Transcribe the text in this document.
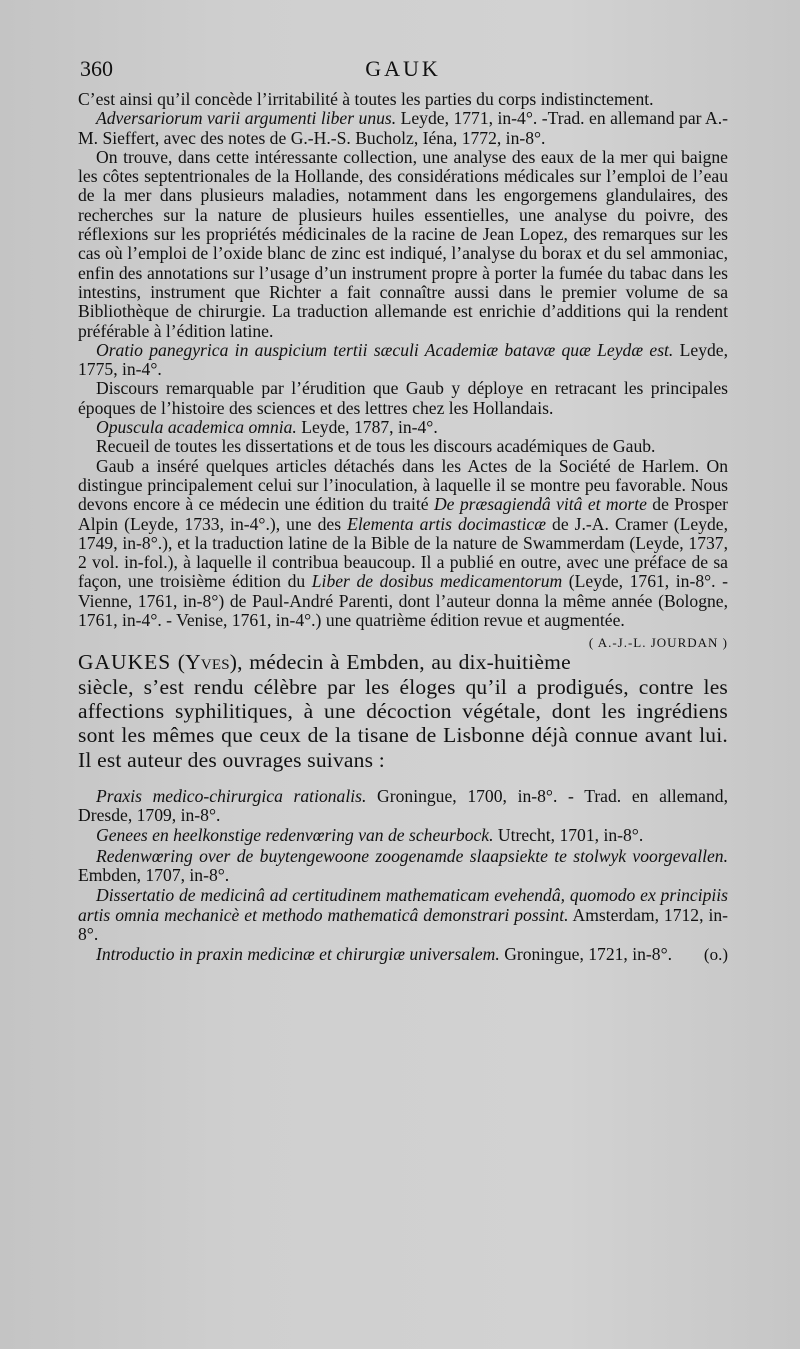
360	GAUK

C’est ainsi qu’il concède l’irritabilité à toutes les parties du corps indistinctement.

Adversariorum varii argumenti liber unus. Leyde, 1771, in-4°. -Trad. en allemand par A.-M. Sieffert, avec des notes de G.-H.-S. Bucholz, Iéna, 1772, in-8°.

On trouve, dans cette intéressante collection, une analyse des eaux de la mer qui baigne les côtes septentrionales de la Hollande, des considérations médicales sur l’emploi de l’eau de la mer dans plusieurs maladies, notamment dans les engorgemens glandulaires, des recherches sur la nature de plusieurs huiles essentielles, une analyse du poivre, des réflexions sur les propriétés médicinales de la racine de Jean Lopez, des remarques sur les cas où l’emploi de l’oxide blanc de zinc est indiqué, l’analyse du borax et du sel ammoniac, enfin des annotations sur l’usage d’un instrument propre à porter la fumée du tabac dans les intestins, instrument que Richter a fait connaître aussi dans le premier volume de sa Bibliothèque de chirurgie. La traduction allemande est enrichie d’additions qui la rendent préférable à l’édition latine.

Oratio panegyrica in auspicium tertii sæculi Academiæ batavæ quæ Leydæ est. Leyde, 1775, in-4°.

Discours remarquable par l’érudition que Gaub y déploye en retracant les principales époques de l’histoire des sciences et des lettres chez les Hollandais.

Opuscula academica omnia. Leyde, 1787, in-4°.

Recueil de toutes les dissertations et de tous les discours académiques de Gaub.

Gaub a inséré quelques articles détachés dans les Actes de la Société de Harlem. On distingue principalement celui sur l’inoculation, à laquelle il se montre peu favorable. Nous devons encore à ce médecin une édition du traité De præsagiendâ vitâ et morte de Prosper Alpin (Leyde, 1733, in-4°.), une des Elementa artis docimasticæ de J.-A. Cramer (Leyde, 1749, in-8°.), et la traduction latine de la Bible de la nature de Swammerdam (Leyde, 1737, 2 vol. in-fol.), à laquelle il contribua beaucoup. Il a publié en outre, avec une préface de sa façon, une troisième édition du Liber de dosibus medicamentorum (Leyde, 1761, in-8°. - Vienne, 1761, in-8°) de Paul-André Parenti, dont l’auteur donna la même année (Bologne, 1761, in-4°. - Venise, 1761, in-4°.) une quatrième édition revue et augmentée.
( A.-J.-L. JOURDAN )

GAUKES (Yves), médecin à Embden, au dix-huitième siècle, s’est rendu célèbre par les éloges qu’il a prodigués, contre les affections syphilitiques, à une décoction végétale, dont les ingrédiens sont les mêmes que ceux de la tisane de Lisbonne déjà connue avant lui. Il est auteur des ouvrages suivans :

Praxis medico-chirurgica rationalis. Groningue, 1700, in-8°. - Trad. en allemand, Dresde, 1709, in-8°.

Genees en heelkonstige redenvœring van de scheurbock. Utrecht, 1701, in-8°.

Redenwœring over de buytengewoone zoogenamde slaapsiekte te stolwyk voorgevallen. Embden, 1707, in-8°.

Dissertatio de medicinâ ad certitudinem mathematicam evehendâ, quomodo ex principiis artis omnia mechanicè et methodo mathematicâ demonstrari possint. Amsterdam, 1712, in-8°.

Introductio in praxin medicinæ et chirurgiæ universalem. Groningue, 1721, in-8°.	(o.)
